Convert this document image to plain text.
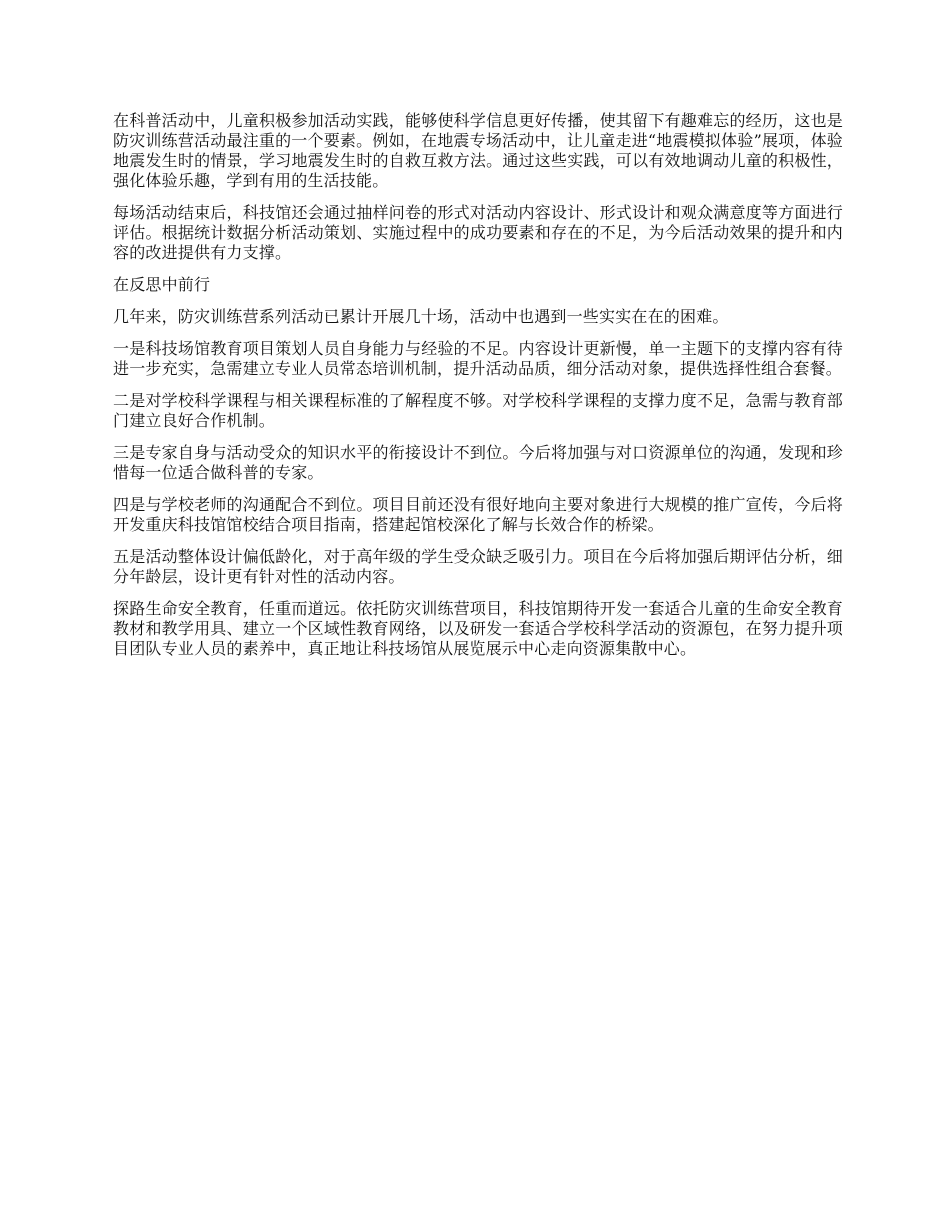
在科普活动中，儿童积极参加活动实践，能够使科学信息更好传播，使其留下有趣难忘的经历，这也是防灾训练营活动最注重的一个要素。例如，在地震专场活动中，让儿童走进“地震模拟体验”展项，体验地震发生时的情景，学习地震发生时的自救互救方法。通过这些实践，可以有效地调动儿童的积极性，强化体验乐趣，学到有用的生活技能。

每场活动结束后，科技馆还会通过抽样问卷的形式对活动内容设计、形式设计和观众满意度等方面进行评估。根据统计数据分析活动策划、实施过程中的成功要素和存在的不足，为今后活动效果的提升和内容的改进提供有力支撑。

在反思中前行

几年来，防灾训练营系列活动已累计开展几十场，活动中也遇到一些实实在在的困难。

一是科技场馆教育项目策划人员自身能力与经验的不足。内容设计更新慢，单一主题下的支撑内容有待进一步充实，急需建立专业人员常态培训机制，提升活动品质，细分活动对象，提供选择性组合套餐。

二是对学校科学课程与相关课程标准的了解程度不够。对学校科学课程的支撑力度不足，急需与教育部门建立良好合作机制。

三是专家自身与活动受众的知识水平的衔接设计不到位。今后将加强与对口资源单位的沟通，发现和珍惜每一位适合做科普的专家。

四是与学校老师的沟通配合不到位。项目目前还没有很好地向主要对象进行大规模的推广宣传，今后将开发重庆科技馆馆校结合项目指南，搭建起馆校深化了解与长效合作的桥梁。

五是活动整体设计偏低龄化，对于高年级的学生受众缺乏吸引力。项目在今后将加强后期评估分析，细分年龄层，设计更有针对性的活动内容。

探路生命安全教育，任重而道远。依托防灾训练营项目，科技馆期待开发一套适合儿童的生命安全教育教材和教学用具、建立一个区域性教育网络，以及研发一套适合学校科学活动的资源包，在努力提升项目团队专业人员的素养中，真正地让科技场馆从展览展示中心走向资源集散中心。
